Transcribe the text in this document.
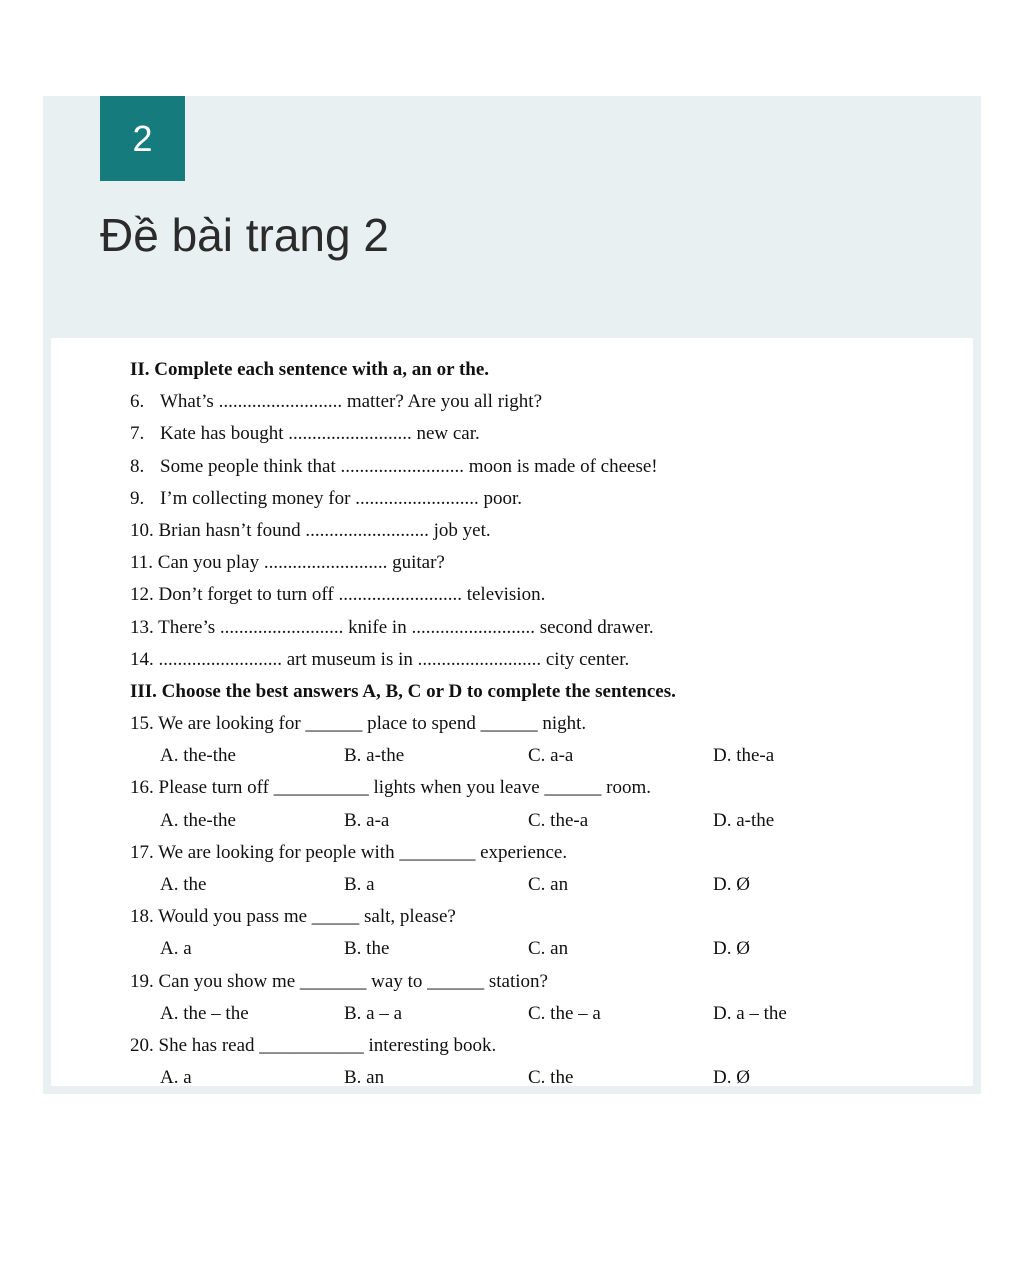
2
Đề bài trang 2
II. Complete each sentence with a, an or the.
6. What’s .......................... matter? Are you all right?
7. Kate has bought .......................... new car.
8. Some people think that .......................... moon is made of cheese!
9. I’m collecting money for .......................... poor.
10. Brian hasn’t found .......................... job yet.
11. Can you play .......................... guitar?
12. Don’t forget to turn off .......................... television.
13. There’s .......................... knife in .......................... second drawer.
14. .......................... art museum is in .......................... city center.
III. Choose the best answers A, B, C or D to complete the sentences.
15. We are looking for ______ place to spend ______ night.
A. the-the	B. a-the	C. a-a	D. the-a
16. Please turn off __________ lights when you leave ______ room.
A. the-the	B. a-a	C. the-a	D. a-the
17. We are looking for people with ________ experience.
A. the	B. a	C. an	D. Ø
18. Would you pass me _____ salt, please?
A. a	B. the	C. an	D. Ø
19. Can you show me _______ way to ______ station?
A. the – the	B. a – a	C. the – a	D. a – the
20. She has read ___________ interesting book.
A. a	B. an	C. the	D. Ø
